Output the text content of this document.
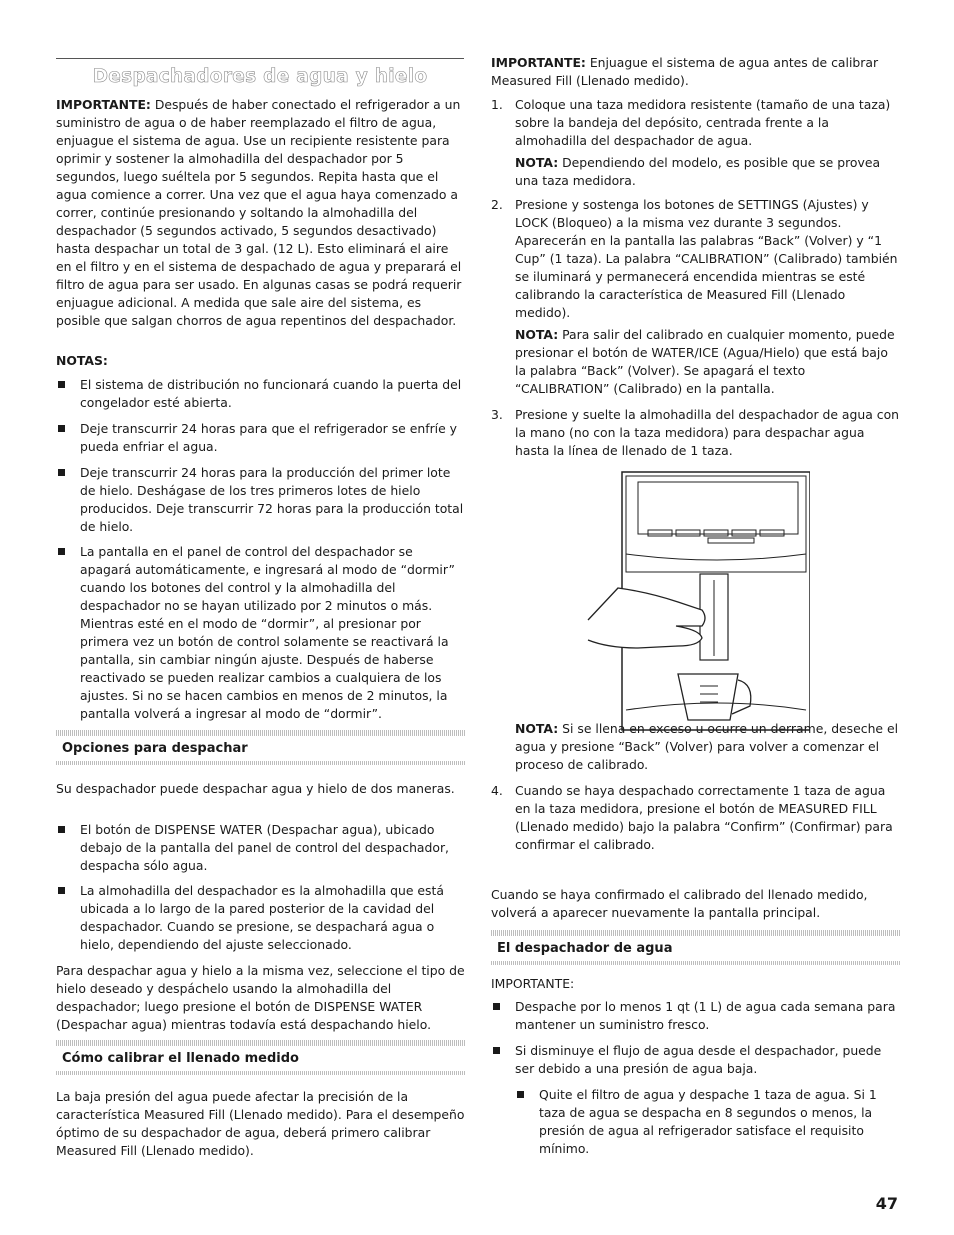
Despachadores de agua y hielo

IMPORTANTE: Después de haber conectado el refrigerador a un suministro de agua o de haber reemplazado el filtro de agua, enjuague el sistema de agua. Use un recipiente resistente para oprimir y sostener la almohadilla del despachador por 5 segundos, luego suéltela por 5 segundos. Repita hasta que el agua comience a correr. Una vez que el agua haya comenzado a correr, continúe presionando y soltando la almohadilla del despachador (5 segundos activado, 5 segundos desactivado) hasta despachar un total de 3 gal. (12 L). Esto eliminará el aire en el filtro y en el sistema de despachado de agua y preparará el filtro de agua para ser usado. En algunas casas se podrá requerir enjuague adicional. A medida que sale aire del sistema, es posible que salgan chorros de agua repentinos del despachador.

NOTAS:

El sistema de distribución no funcionará cuando la puerta del congelador esté abierta.
Deje transcurrir 24 horas para que el refrigerador se enfríe y pueda enfriar el agua.
Deje transcurrir 24 horas para la producción del primer lote de hielo. Deshágase de los tres primeros lotes de hielo producidos. Deje transcurrir 72 horas para la producción total de hielo.
La pantalla en el panel de control del despachador se apagará automáticamente, e ingresará al modo de “dormir” cuando los botones del control y la almohadilla del despachador no se hayan utilizado por 2 minutos o más. Mientras esté en el modo de “dormir”, al presionar por primera vez un botón de control solamente se reactivará la pantalla, sin cambiar ningún ajuste. Después de haberse reactivado se pueden realizar cambios a cualquiera de los ajustes. Si no se hacen cambios en menos de 2 minutos, la pantalla volverá a ingresar al modo de “dormir”.
Opciones para despachar

Su despachador puede despachar agua y hielo de dos maneras.

El botón de DISPENSE WATER (Despachar agua), ubicado debajo de la pantalla del panel de control del despachador, despacha sólo agua.
La almohadilla del despachador es la almohadilla que está ubicada a lo largo de la pared posterior de la cavidad del despachador. Cuando se presione, se despachará agua o hielo, dependiendo del ajuste seleccionado.

Para despachar agua y hielo a la misma vez, seleccione el tipo de hielo deseado y despáchelo usando la almohadilla del despachador; luego presione el botón de DISPENSE WATER (Despachar agua) mientras todavía está despachando hielo.

Cómo calibrar el llenado medido

La baja presión del agua puede afectar la precisión de la característica Measured Fill (Llenado medido). Para el desempeño óptimo de su despachador de agua, deberá primero calibrar Measured Fill (Llenado medido).

IMPORTANTE: Enjuague el sistema de agua antes de calibrar Measured Fill (Llenado medido).

1. Coloque una taza medidora resistente (tamaño de una taza) sobre la bandeja del depósito, centrada frente a la almohadilla del despachador de agua.
NOTA: Dependiendo del modelo, es posible que se provea una taza medidora.
2. Presione y sostenga los botones de SETTINGS (Ajustes) y LOCK (Bloqueo) a la misma vez durante 3 segundos. Aparecerán en la pantalla las palabras “Back” (Volver) y “1 Cup” (1 taza). La palabra “CALIBRATION” (Calibrado) también se iluminará y permanecerá encendida mientras se esté calibrando la característica de Measured Fill (Llenado medido).
NOTA: Para salir del calibrado en cualquier momento, puede presionar el botón de WATER/ICE (Agua/Hielo) que está bajo la palabra “Back” (Volver). Se apagará el texto “CALIBRATION” (Calibrado) en la pantalla.
3. Presione y suelte la almohadilla del despachador de agua con la mano (no con la taza medidora) para despachar agua hasta la línea de llenado de 1 taza.

NOTA: Si se llena en exceso u ocurre un derrame, deseche el agua y presione “Back” (Volver) para volver a comenzar el proceso de calibrado.

4. Cuando se haya despachado correctamente 1 taza de agua en la taza medidora, presione el botón de MEASURED FILL (Llenado medido) bajo la palabra “Confirm” (Confirmar) para confirmar el calibrado.

Cuando se haya confirmado el calibrado del llenado medido, volverá a aparecer nuevamente la pantalla principal.

El despachador de agua

IMPORTANTE:

Despache por lo menos 1 qt (1 L) de agua cada semana para mantener un suministro fresco.
Si disminuye el flujo de agua desde el despachador, puede ser debido a una presión de agua baja.
Quite el filtro de agua y despache 1 taza de agua. Si 1 taza de agua se despacha en 8 segundos o menos, la presión de agua al refrigerador satisface el requisito mínimo.
47
